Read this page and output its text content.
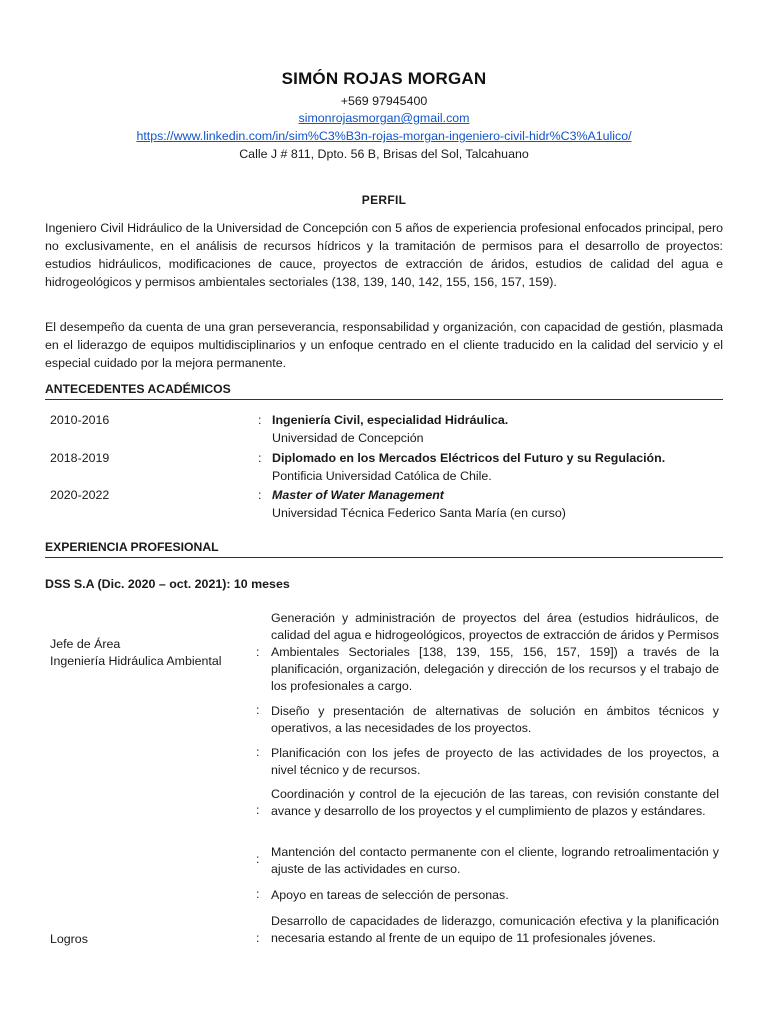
SIMÓN ROJAS MORGAN
+569 97945400
simonrojasmorgan@gmail.com
https://www.linkedin.com/in/sim%C3%B3n-rojas-morgan-ingeniero-civil-hidr%C3%A1ulico/
Calle J # 811, Dpto. 56 B, Brisas del Sol, Talcahuano
PERFIL
Ingeniero Civil Hidráulico de la Universidad de Concepción con 5 años de experiencia profesional enfocados principal, pero no exclusivamente, en el análisis de recursos hídricos y la tramitación de permisos para el desarrollo de proyectos: estudios hidráulicos, modificaciones de cauce, proyectos de extracción de áridos, estudios de calidad del agua e hidrogeológicos y permisos ambientales sectoriales (138, 139, 140, 142, 155, 156, 157, 159).
El desempeño da cuenta de una gran perseverancia, responsabilidad y organización, con capacidad de gestión, plasmada en el liderazgo de equipos multidisciplinarios y un enfoque centrado en el cliente traducido en la calidad del servicio y el especial cuidado por la mejora permanente.
ANTECEDENTES ACADÉMICOS
2010-2016	: Ingeniería Civil, especialidad Hidráulica.
Universidad de Concepción
2018-2019	: Diplomado en los Mercados Eléctricos del Futuro y su Regulación.
Pontificia Universidad Católica de Chile.
2020-2022	: Master of Water Management
Universidad Técnica Federico Santa María (en curso)
EXPERIENCIA PROFESIONAL
DSS S.A (Dic. 2020 – oct. 2021): 10 meses
Jefe de Área
Ingeniería Hidráulica Ambiental
:
Generación y administración de proyectos del área (estudios hidráulicos, de calidad del agua e hidrogeológicos, proyectos de extracción de áridos y Permisos Ambientales Sectoriales [138, 139, 155, 156, 157, 159]) a través de la planificación, organización, delegación y dirección de los recursos y el trabajo de los profesionales a cargo.
: Diseño y presentación de alternativas de solución en ámbitos técnicos y operativos, a las necesidades de los proyectos.
: Planificación con los jefes de proyecto de las actividades de los proyectos, a nivel técnico y de recursos.
:
Coordinación y control de la ejecución de las tareas, con revisión constante del avance y desarrollo de los proyectos y el cumplimiento de plazos y estándares.
: Mantención del contacto permanente con el cliente, logrando retroalimentación y ajuste de las actividades en curso.
: Apoyo en tareas de selección de personas.
Logros	:
Desarrollo de capacidades de liderazgo, comunicación efectiva y la planificación necesaria estando al frente de un equipo de 11 profesionales jóvenes.
